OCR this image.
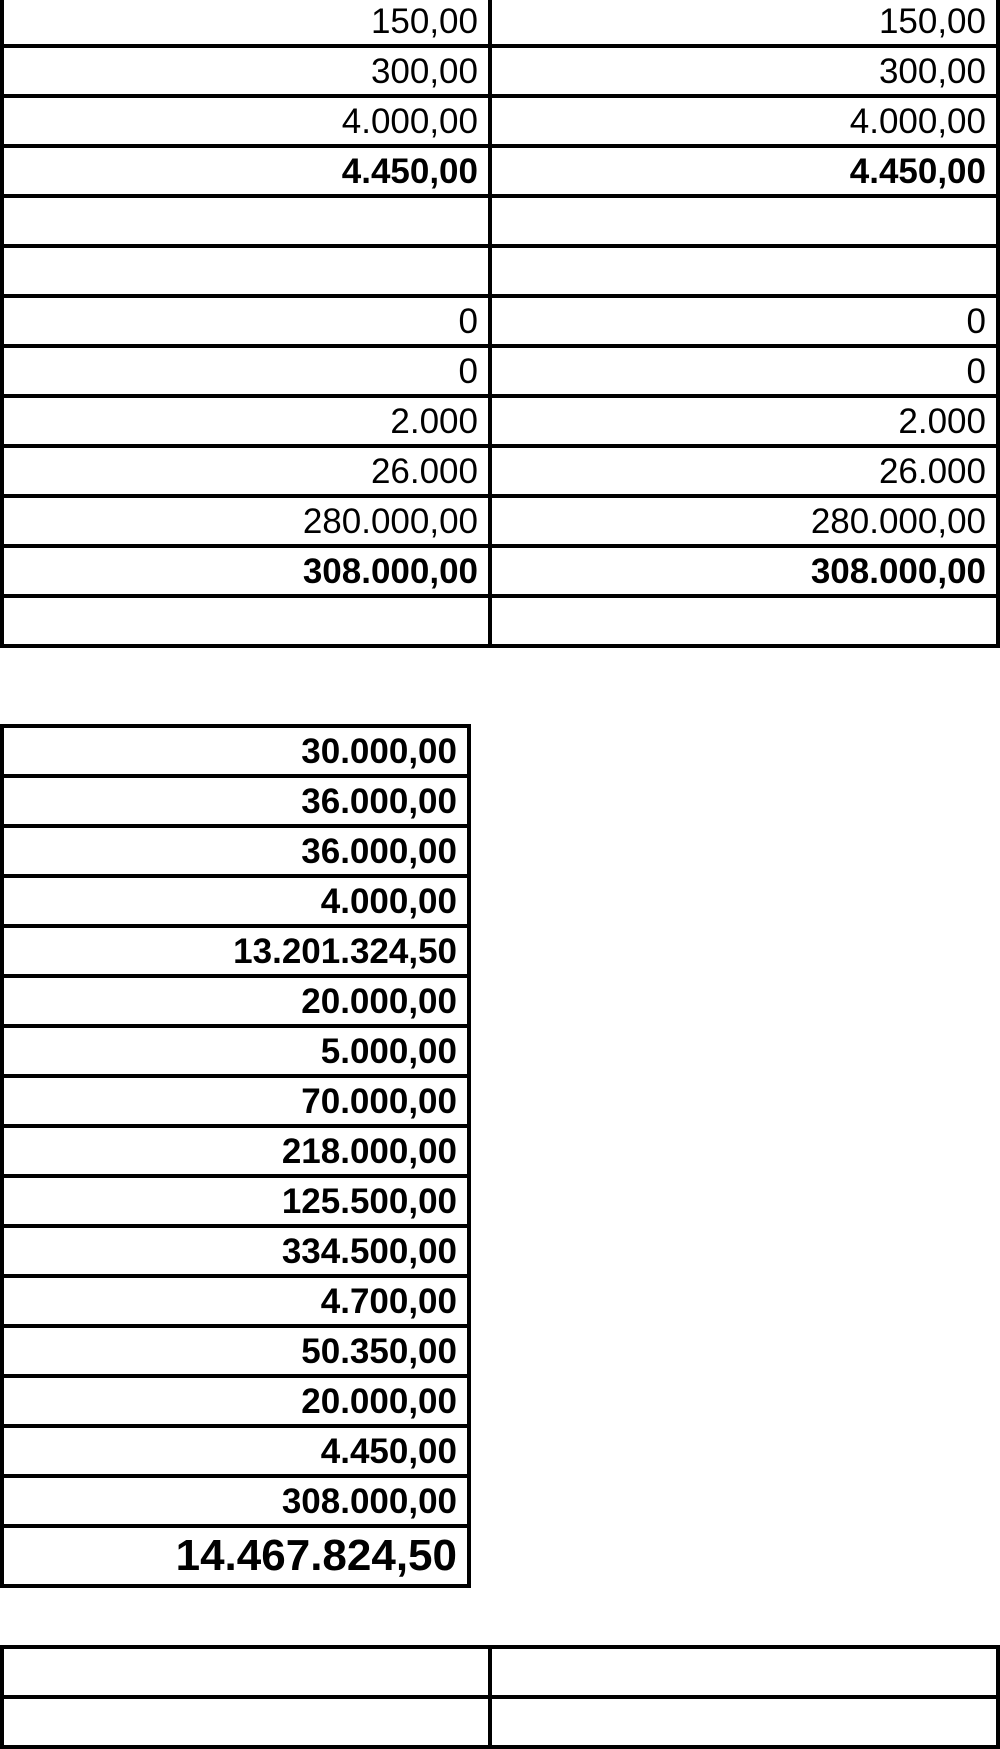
150,00	150,00
300,00	300,00
4.000,00	4.000,00
4.450,00	4.450,00

0	0
0	0
2.000	2.000
26.000	26.000
280.000,00	280.000,00
308.000,00	308.000,00

30.000,00
36.000,00
36.000,00
4.000,00
13.201.324,50
20.000,00
5.000,00
70.000,00
218.000,00
125.500,00
334.500,00
4.700,00
50.350,00
20.000,00
4.450,00
308.000,00
14.467.824,50
